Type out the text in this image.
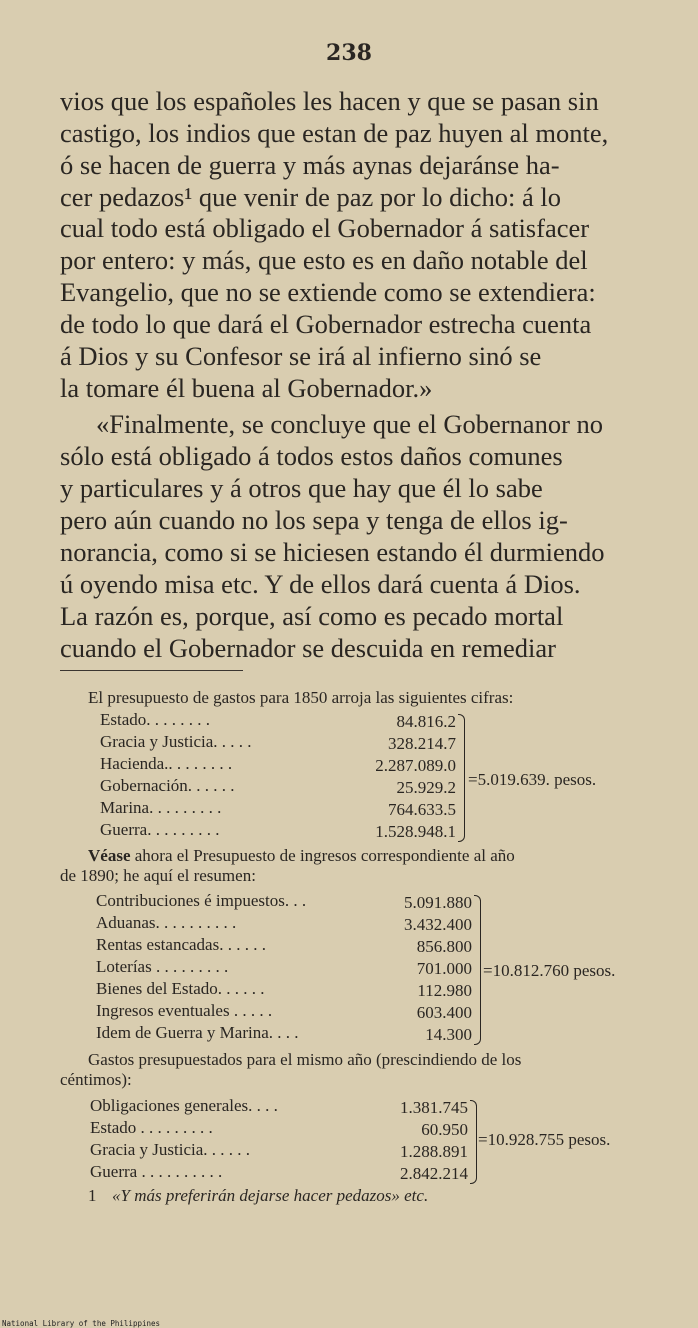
238
vios que los españoles les hacen y que se pasan sin
castigo, los indios que estan de paz huyen al monte,
ó se hacen de guerra y más aynas dejaránse ha-
cer pedazos¹ que venir de paz por lo dicho: á lo
cual todo está obligado el Gobernador á satisfacer
por entero: y más, que esto es en daño notable del
Evangelio, que no se extiende como se extendiera:
de todo lo que dará el Gobernador estrecha cuenta
á Dios y su Confesor se irá al infierno sinó se
la tomare él buena al Gobernador.»
«Finalmente, se concluye que el Gobernanor no
sólo está obligado á todos estos daños comunes
y particulares y á otros que hay que él lo sabe
pero aún cuando no los sepa y tenga de ellos ig-
norancia, como si se hiciesen estando él durmiendo
ú oyendo misa etc. Y de ellos dará cuenta á Dios.
La razón es, porque, así como es pecado mortal
cuando el Gobernador se descuida en remediar
El presupuesto de gastos para 1850 arroja las siguientes cifras:
Estado. . . . . . . .	84.816.2
Gracia y Justicia. . . . .	328.214.7
Hacienda.. . . . . . . .	2.287.089.0
Gobernación. . . . . .	25.929.2
Marina. . . . . . . . .	764.633.5
Guerra. . . . . . . . .	1.528.948.1
=5.019.639. pesos.
Véase ahora el Presupuesto de ingresos correspondiente al año
de 1890; he aquí el resumen:
Contribuciones é impuestos. . .	5.091.880
Aduanas. . . . . . . . . .	3.432.400
Rentas estancadas. . . . . .	856.800
Loterías . . . . . . . . .	701.000
Bienes del Estado. . . . . .	112.980
Ingresos eventuales . . . . .	603.400
Idem de Guerra y Marina. . . .	14.300
=10.812.760 pesos.
Gastos presupuestados para el mismo año (prescindiendo de los
céntimos):
Obligaciones generales. . . .	1.381.745
Estado . . . . . . . . .	60.950
Gracia y Justicia. . . . . .	1.288.891
Guerra . . . . . . . . . .	2.842.214
=10.928.755 pesos.
1 «Y más preferirán dejarse hacer pedazos» etc.
National Library of the Philippines
